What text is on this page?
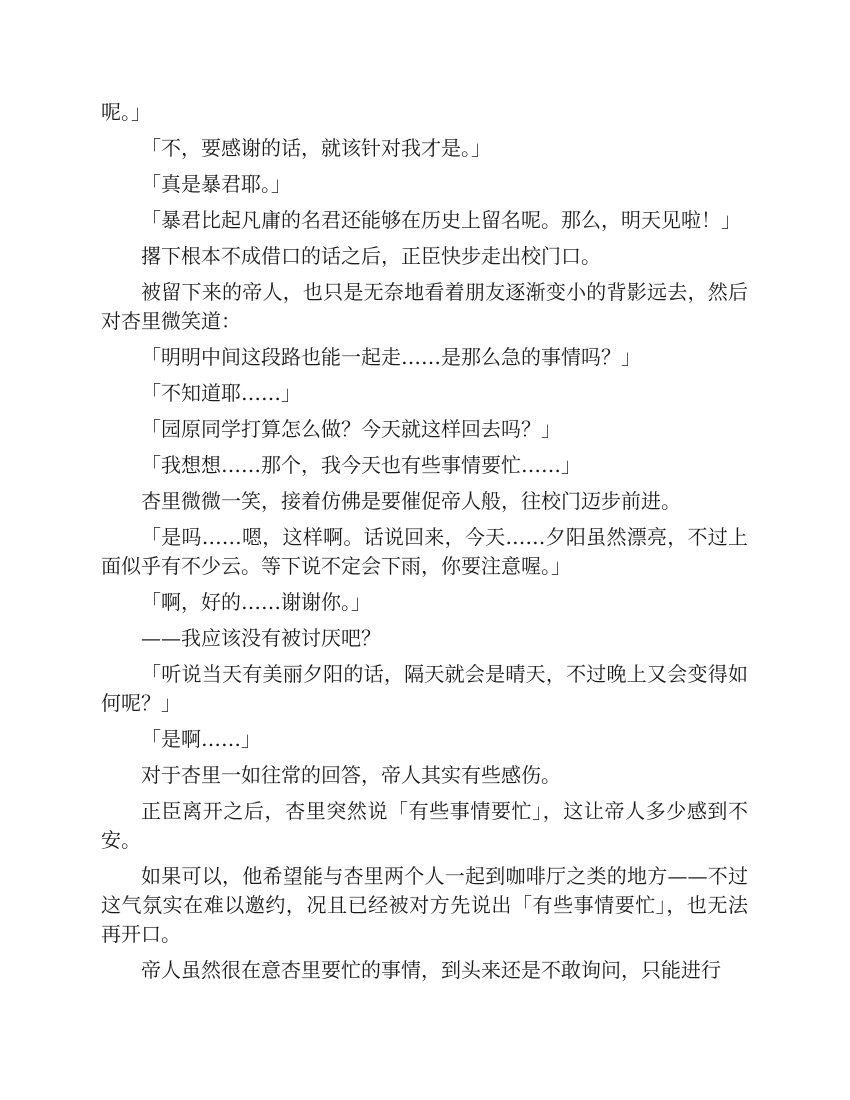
呢。」

「不，要感谢的话，就该针对我才是。」

「真是暴君耶。」

「暴君比起凡庸的名君还能够在历史上留名呢。那么，明天见啦！」

撂下根本不成借口的话之后，正臣快步走出校门口。

被留下来的帝人，也只是无奈地看着朋友逐渐变小的背影远去，然后对杏里微笑道：

「明明中间这段路也能一起走……是那么急的事情吗？」

「不知道耶……」

「园原同学打算怎么做？今天就这样回去吗？」

「我想想……那个，我今天也有些事情要忙……」

杏里微微一笑，接着仿佛是要催促帝人般，往校门迈步前进。

「是吗……嗯，这样啊。话说回来，今天……夕阳虽然漂亮，不过上面似乎有不少云。等下说不定会下雨，你要注意喔。」

「啊，好的……谢谢你。」

——我应该没有被讨厌吧？

「听说当天有美丽夕阳的话，隔天就会是晴天，不过晚上又会变得如何呢？」

「是啊……」

对于杏里一如往常的回答，帝人其实有些感伤。

正臣离开之后，杏里突然说「有些事情要忙」，这让帝人多少感到不安。

如果可以，他希望能与杏里两个人一起到咖啡厅之类的地方——不过这气氛实在难以邀约，况且已经被对方先说出「有些事情要忙」，也无法再开口。

帝人虽然很在意杏里要忙的事情，到头来还是不敢询问，只能进行
